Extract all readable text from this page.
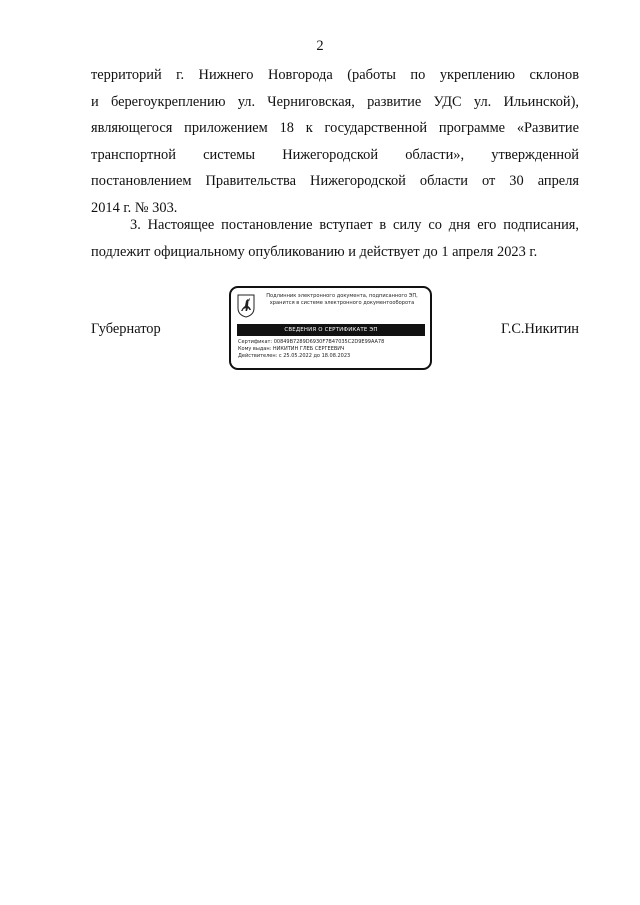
2
территорий г. Нижнего Новгорода (работы по укреплению склонов
и берегоукреплению ул. Черниговская, развитие УДС ул. Ильинской),
являющегося приложением 18 к государственной программе «Развитие
транспортной системы Нижегородской области», утвержденной
постановлением Правительства Нижегородской области от 30 апреля
2014 г. № 303.
3. Настоящее постановление вступает в силу со дня его подписания,
подлежит официальному опубликованию и действует до 1 апреля 2023 г.
Губернатор
Подлинник электронного документа, подписанного ЭП,
хранится в системе электронного документооборота
СВЕДЕНИЯ О СЕРТИФИКАТЕ ЭП
Сертификат: 00849B7289D6930F7B47035C2D9E99AA78
Кому выдан: НИКИТИН ГЛЕБ СЕРГЕЕВИЧ
Действителен: с 25.05.2022 до 18.08.2023
Г.С.Никитин
